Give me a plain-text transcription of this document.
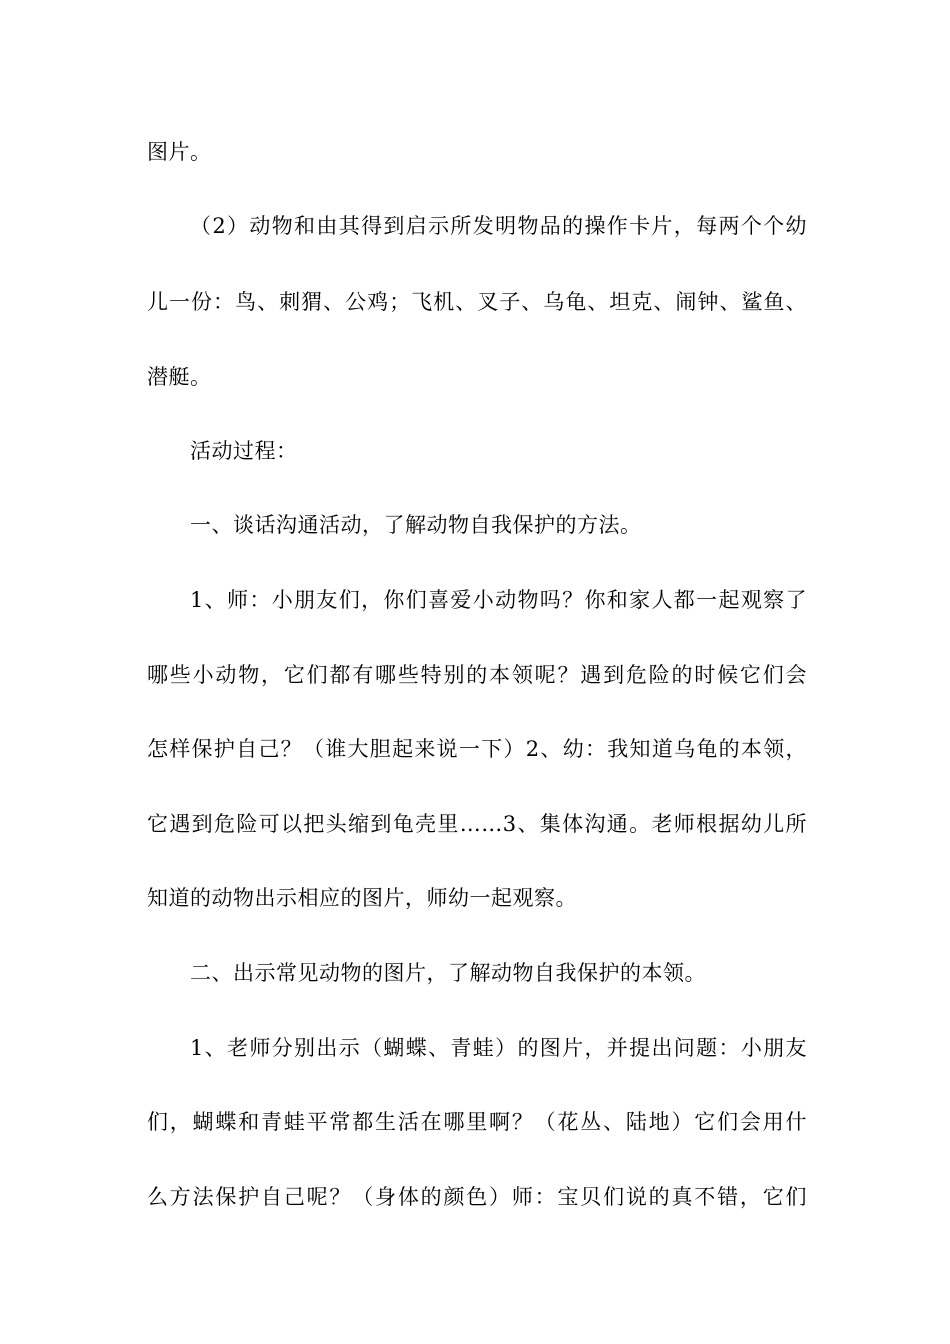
图片。
（2）动物和由其得到启示所发明物品的操作卡片，每两个个幼
儿一份：鸟、刺猬、公鸡；飞机、叉子、乌龟、坦克、闹钟、鲨鱼、
潜艇。
活动过程：
一、谈话沟通活动，了解动物自我保护的方法。
1、师：小朋友们，你们喜爱小动物吗？你和家人都一起观察了
哪些小动物，它们都有哪些特别的本领呢？遇到危险的时候它们会
怎样保护自己？（谁大胆起来说一下）2、幼：我知道乌龟的本领，
它遇到危险可以把头缩到龟壳里……3、集体沟通。老师根据幼儿所
知道的动物出示相应的图片，师幼一起观察。
二、出示常见动物的图片，了解动物自我保护的本领。
1、老师分别出示（蝴蝶、青蛙）的图片，并提出问题：小朋友
们，蝴蝶和青蛙平常都生活在哪里啊？（花丛、陆地）它们会用什
么方法保护自己呢？（身体的颜色）师：宝贝们说的真不错，它们
